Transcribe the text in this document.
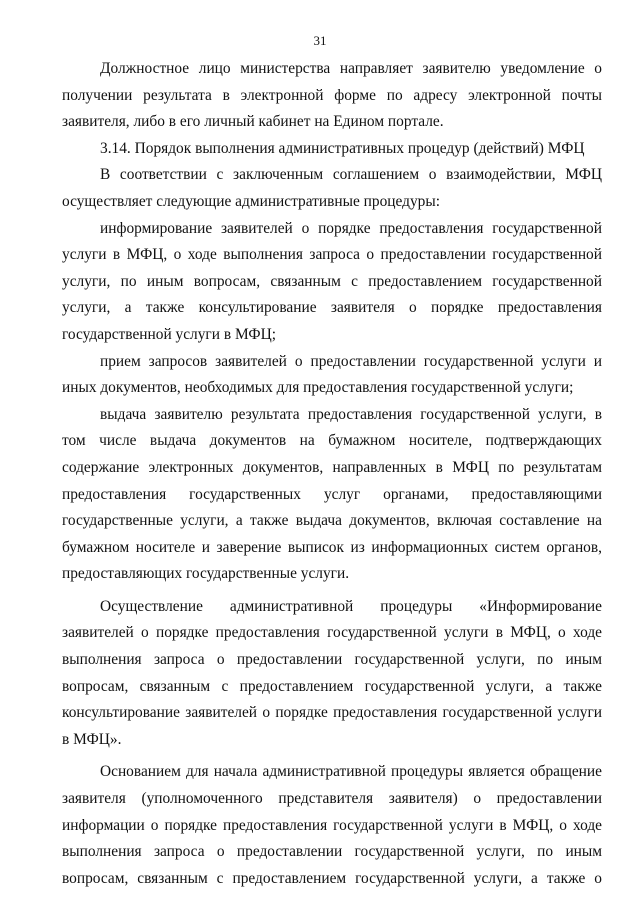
31

Должностное лицо министерства направляет заявителю уведомление о получении результата в электронной форме по адресу электронной почты заявителя, либо в его личный кабинет на Едином портале.

3.14. Порядок выполнения административных процедур (действий) МФЦ

В соответствии с заключенным соглашением о взаимодействии, МФЦ осуществляет следующие административные процедуры:

информирование заявителей о порядке предоставления государственной услуги в МФЦ, о ходе выполнения запроса о предоставлении государственной услуги, по иным вопросам, связанным с предоставлением государственной услуги, а также консультирование заявителя о порядке предоставления государственной услуги в МФЦ;

прием запросов заявителей о предоставлении государственной услуги и иных документов, необходимых для предоставления государственной услуги;

выдача заявителю результата предоставления государственной услуги, в том числе выдача документов на бумажном носителе, подтверждающих содержание электронных документов, направленных в МФЦ по результатам предоставления государственных услуг органами, предоставляющими государственные услуги, а также выдача документов, включая составление на бумажном носителе и заверение выписок из информационных систем органов, предоставляющих государственные услуги.

Осуществление административной процедуры «Информирование заявителей о порядке предоставления государственной услуги в МФЦ, о ходе выполнения запроса о предоставлении государственной услуги, по иным вопросам, связанным с предоставлением государственной услуги, а также консультирование заявителей о порядке предоставления государственной услуги в МФЦ».

Основанием для начала административной процедуры является обращение заявителя (уполномоченного представителя заявителя) о предоставлении информации о порядке предоставления государственной услуги в МФЦ, о ходе выполнения запроса о предоставлении государственной услуги, по иным вопросам, связанным с предоставлением государственной услуги, а также о
